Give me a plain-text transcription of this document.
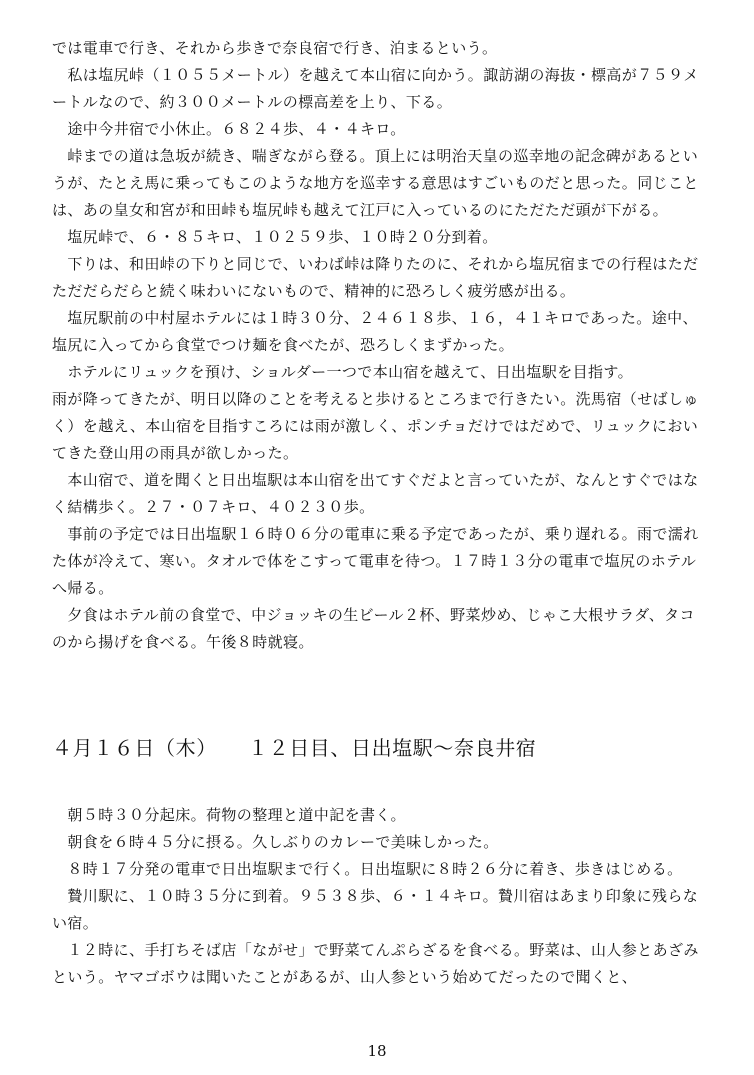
では電車で行き、それから歩きで奈良宿で行き、泊まるという。

　私は塩尻峠（１０５５メートル）を越えて本山宿に向かう。諏訪湖の海抜・標高が７５９メートルなので、約３００メートルの標高差を上り、下る。

　途中今井宿で小休止。６８２４歩、４・４キロ。

　峠までの道は急坂が続き、喘ぎながら登る。頂上には明治天皇の巡幸地の記念碑があるというが、たとえ馬に乗ってもこのような地方を巡幸する意思はすごいものだと思った。同じことは、あの皇女和宮が和田峠も塩尻峠も越えて江戸に入っているのにただただ頭が下がる。

　塩尻峠で、６・８５キロ、１０２５９歩、１０時２０分到着。

　下りは、和田峠の下りと同じで、いわば峠は降りたのに、それから塩尻宿までの行程はただただだらだらと続く味わいにないもので、精神的に恐ろしく疲労感が出る。

　塩尻駅前の中村屋ホテルには１時３０分、２４６１８歩、１６，４１キロであった。途中、塩尻に入ってから食堂でつけ麺を食べたが、恐ろしくまずかった。

　ホテルにリュックを預け、ショルダー一つで本山宿を越えて、日出塩駅を目指す。

雨が降ってきたが、明日以降のことを考えると歩けるところまで行きたい。洗馬宿（せばしゅく）を越え、本山宿を目指すころには雨が激しく、ポンチョだけではだめで、リュックにおいてきた登山用の雨具が欲しかった。

　本山宿で、道を聞くと日出塩駅は本山宿を出てすぐだよと言っていたが、なんとすぐではなく結構歩く。２７・０７キロ、４０２３０歩。

　事前の予定では日出塩駅１６時０６分の電車に乗る予定であったが、乗り遅れる。雨で濡れた体が冷えて、寒い。タオルで体をこすって電車を待つ。１７時１３分の電車で塩尻のホテルへ帰る。

　夕食はホテル前の食堂で、中ジョッキの生ビール２杯、野菜炒め、じゃこ大根サラダ、タコのから揚げを食べる。午後８時就寝。

４月１６日（木）　　１２日目、日出塩駅～奈良井宿

　朝５時３０分起床。荷物の整理と道中記を書く。

　朝食を６時４５分に摂る。久しぶりのカレーで美味しかった。

　８時１７分発の電車で日出塩駅まで行く。日出塩駅に８時２６分に着き、歩きはじめる。

　贄川駅に、１０時３５分に到着。９５３８歩、６・１４キロ。贄川宿はあまり印象に残らない宿。

　１２時に、手打ちそば店「ながせ」で野菜てんぷらざるを食べる。野菜は、山人参とあざみという。ヤマゴボウは聞いたことがあるが、山人参という始めてだったので聞くと、

18
